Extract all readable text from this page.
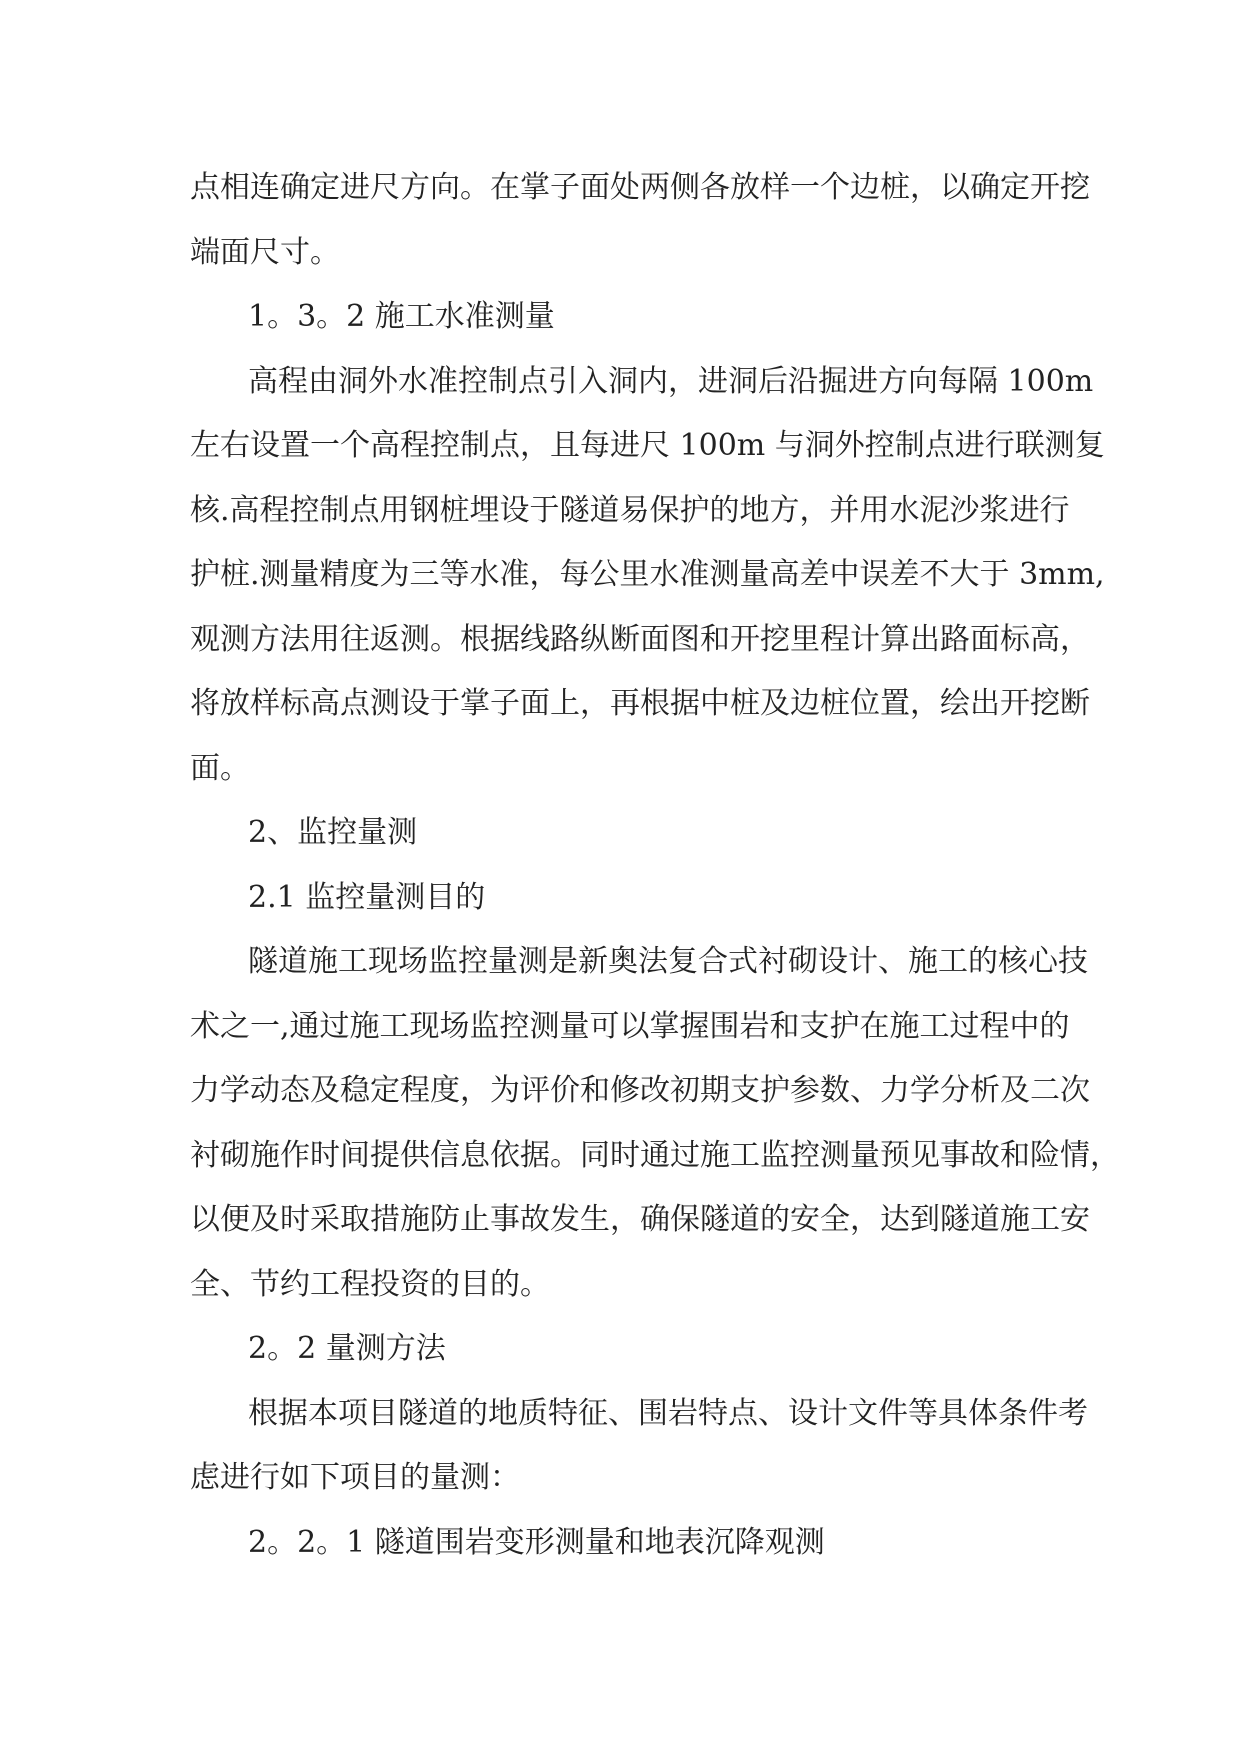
点相连确定进尺方向。在掌子面处两侧各放样一个边桩，以确定开挖
端面尺寸。
1。3。2 施工水准测量
高程由洞外水准控制点引入洞内，进洞后沿掘进方向每隔 100m
左右设置一个高程控制点，且每进尺 100m 与洞外控制点进行联测复
核.高程控制点用钢桩埋设于隧道易保护的地方，并用水泥沙浆进行
护桩.测量精度为三等水准，每公里水准测量高差中误差不大于 3mm,
观测方法用往返测。根据线路纵断面图和开挖里程计算出路面标高，
将放样标高点测设于掌子面上，再根据中桩及边桩位置，绘出开挖断
面。
2、监控量测
2.1 监控量测目的
隧道施工现场监控量测是新奥法复合式衬砌设计、施工的核心技
术之一,通过施工现场监控测量可以掌握围岩和支护在施工过程中的
力学动态及稳定程度，为评价和修改初期支护参数、力学分析及二次
衬砌施作时间提供信息依据。同时通过施工监控测量预见事故和险情，
以便及时采取措施防止事故发生，确保隧道的安全，达到隧道施工安
全、节约工程投资的目的。
2。2 量测方法
根据本项目隧道的地质特征、围岩特点、设计文件等具体条件考
虑进行如下项目的量测：
2。2。1 隧道围岩变形测量和地表沉降观测
